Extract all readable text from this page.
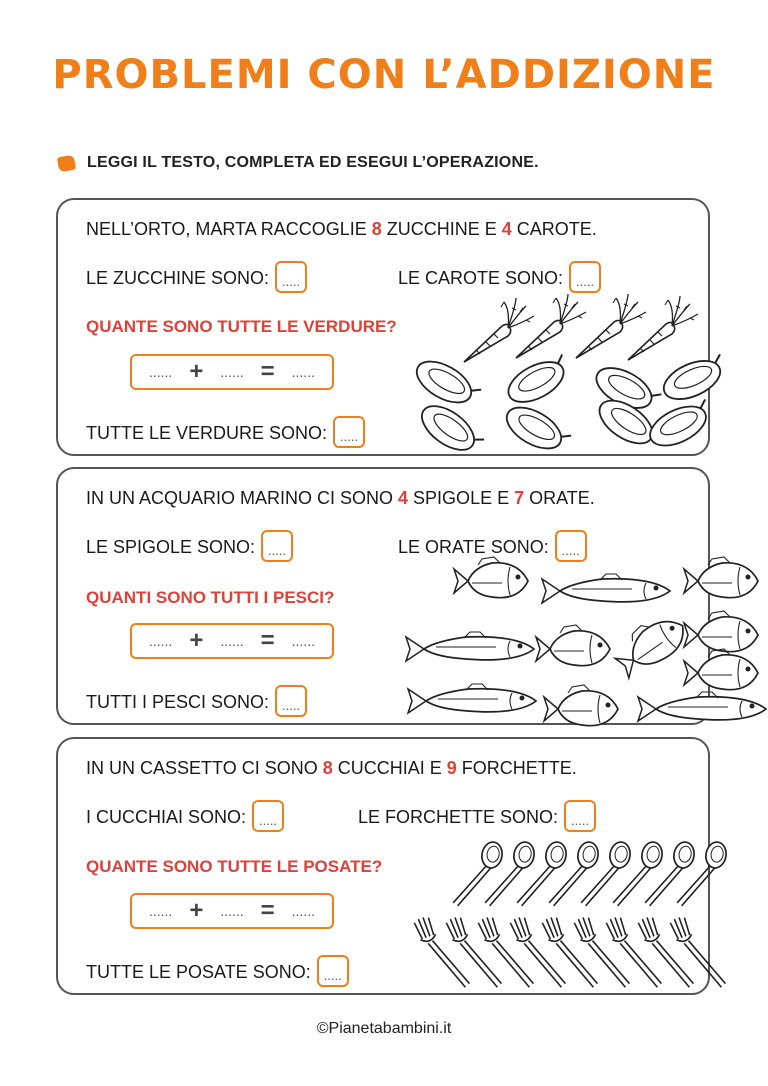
PROBLEMI CON L’ADDIZIONE
LEGGI IL TESTO, COMPLETA ED ESEGUI L’OPERAZIONE.
NELL’ORTO, MARTA RACCOGLIE 8 ZUCCHINE E 4 CAROTE.
LE ZUCCHINE SONO: .....	LE CAROTE SONO: .....
QUANTE SONO TUTTE LE VERDURE?
...... + ...... = ......
TUTTE LE VERDURE SONO: .....
IN UN ACQUARIO MARINO CI SONO 4 SPIGOLE E 7 ORATE.
LE SPIGOLE SONO: .....	LE ORATE SONO: .....
QUANTI SONO TUTTI I PESCI?
...... + ...... = ......
TUTTI I PESCI SONO: .....
IN UN CASSETTO CI SONO 8 CUCCHIAI E 9 FORCHETTE.
I CUCCHIAI SONO: .....	LE FORCHETTE SONO: .....
QUANTE SONO TUTTE LE POSATE?
...... + ...... = ......
TUTTE LE POSATE SONO: .....
©Pianetabambini.it
